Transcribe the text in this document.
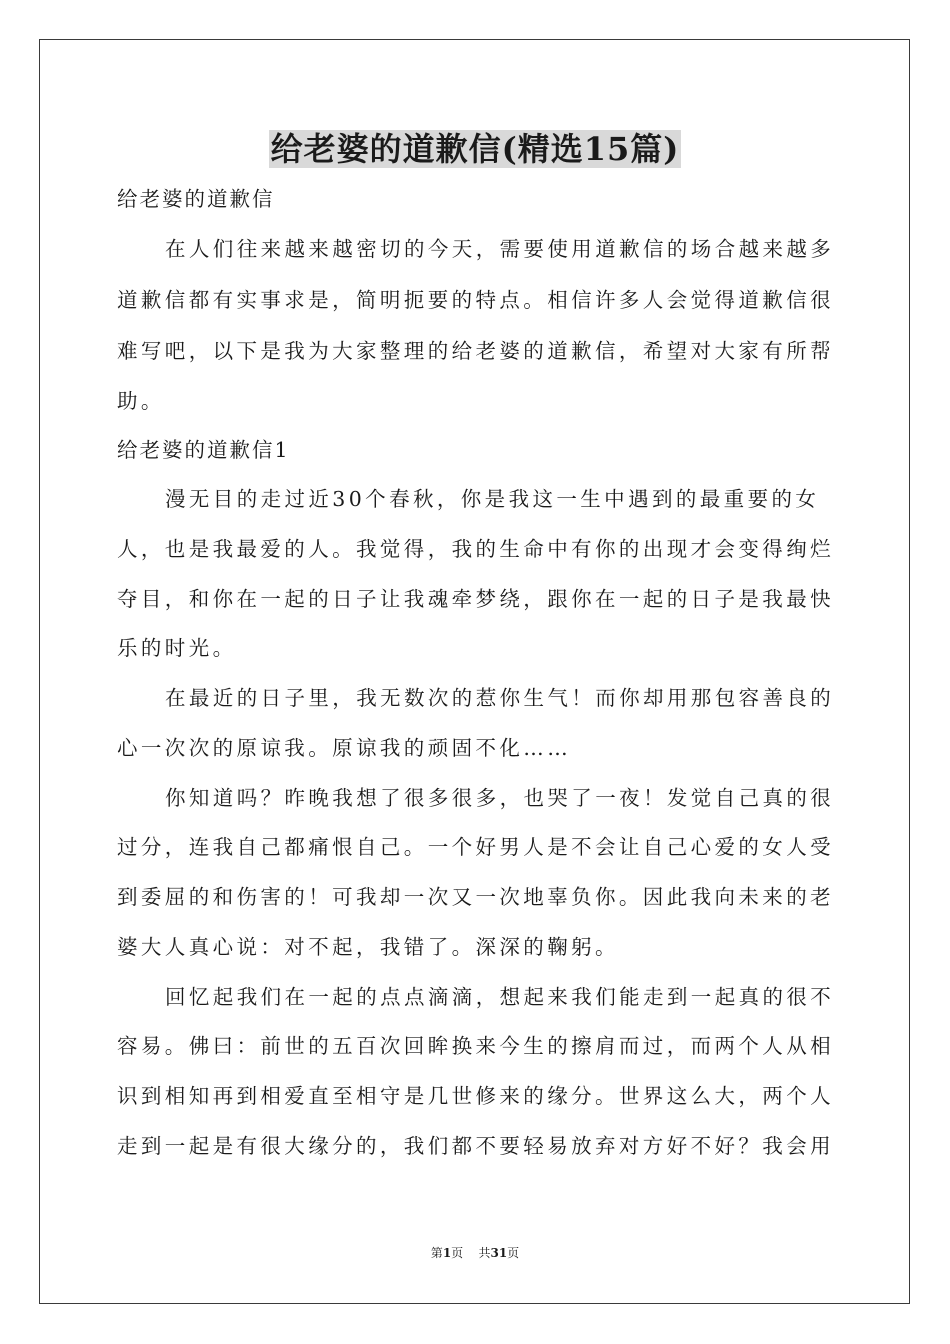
给老婆的道歉信(精选15篇)
给老婆的道歉信
在人们往来越来越密切的今天，需要使用道歉信的场合越来越多
道歉信都有实事求是，简明扼要的特点。相信许多人会觉得道歉信很
难写吧，以下是我为大家整理的给老婆的道歉信，希望对大家有所帮
助。
给老婆的道歉信1
漫无目的走过近30个春秋，你是我这一生中遇到的最重要的女
人，也是我最爱的人。我觉得，我的生命中有你的出现才会变得绚烂
夺目，和你在一起的日子让我魂牵梦绕，跟你在一起的日子是我最快
乐的时光。
在最近的日子里，我无数次的惹你生气！而你却用那包容善良的
心一次次的原谅我。原谅我的顽固不化……
你知道吗？昨晚我想了很多很多，也哭了一夜！发觉自己真的很
过分，连我自己都痛恨自己。一个好男人是不会让自己心爱的女人受
到委屈的和伤害的！可我却一次又一次地辜负你。因此我向未来的老
婆大人真心说：对不起，我错了。深深的鞠躬。
回忆起我们在一起的点点滴滴，想起来我们能走到一起真的很不
容易。佛曰：前世的五百次回眸换来今生的擦肩而过，而两个人从相
识到相知再到相爱直至相守是几世修来的缘分。世界这么大，两个人
走到一起是有很大缘分的，我们都不要轻易放弃对方好不好？我会用
第1页 共31页
